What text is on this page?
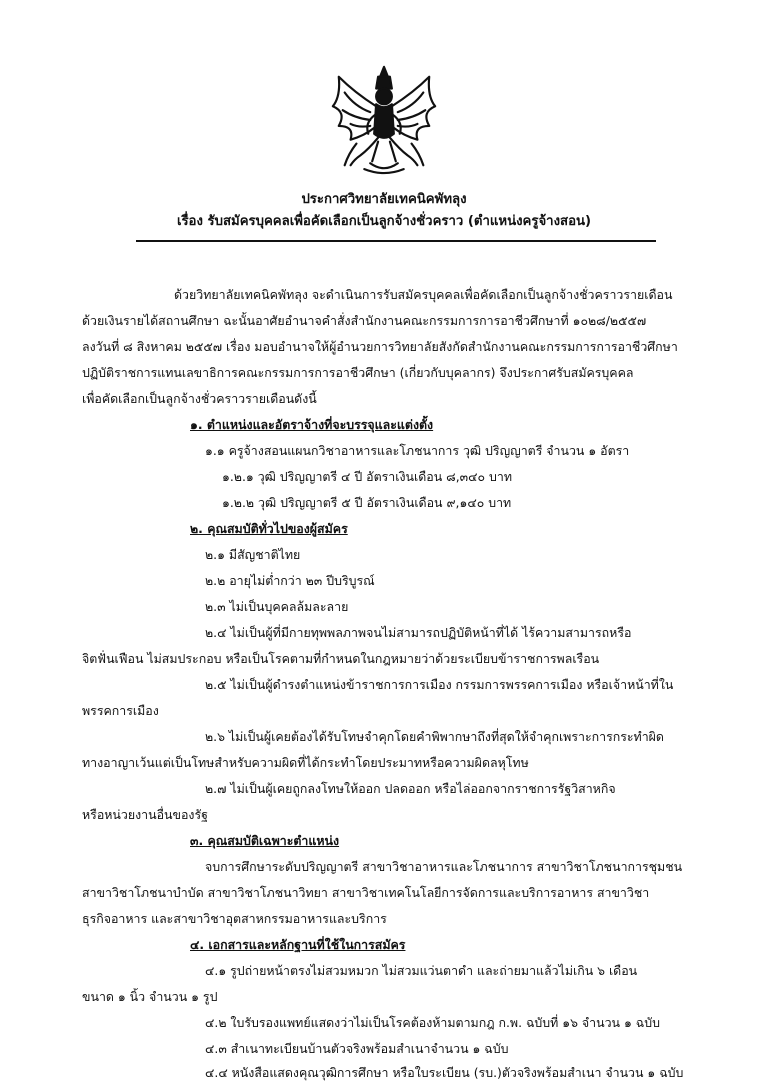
ประกาศวิทยาลัยเทคนิคพัทลุง
เรื่อง รับสมัครบุคคลเพื่อคัดเลือกเป็นลูกจ้างชั่วคราว (ตำแหน่งครูจ้างสอน)
ด้วยวิทยาลัยเทคนิคพัทลุง จะดำเนินการรับสมัครบุคคลเพื่อคัดเลือกเป็นลูกจ้างชั่วคราวรายเดือน
ด้วยเงินรายได้สถานศึกษา ฉะนั้นอาศัยอำนาจคำสั่งสำนักงานคณะกรรมการการอาชีวศึกษาที่ ๑๐๒๘/๒๕๕๗
ลงวันที่ ๘ สิงหาคม ๒๕๕๗ เรื่อง มอบอำนาจให้ผู้อำนวยการวิทยาลัยสังกัดสำนักงานคณะกรรมการการอาชีวศึกษา
ปฏิบัติราชการแทนเลขาธิการคณะกรรมการการอาชีวศึกษา (เกี่ยวกับบุคลากร) จึงประกาศรับสมัครบุคคล
เพื่อคัดเลือกเป็นลูกจ้างชั่วคราวรายเดือนดังนี้
๑. ตำแหน่งและอัตราจ้างที่จะบรรจุและแต่งตั้ง
๑.๑ ครูจ้างสอนแผนกวิชาอาหารและโภชนาการ วุฒิ ปริญญาตรี จำนวน ๑ อัตรา
๑.๒.๑ วุฒิ ปริญญาตรี ๔ ปี อัตราเงินเดือน ๘,๓๔๐ บาท
๑.๒.๒ วุฒิ ปริญญาตรี ๕ ปี อัตราเงินเดือน ๙,๑๔๐ บาท
๒. คุณสมบัติทั่วไปของผู้สมัคร
๒.๑ มีสัญชาติไทย
๒.๒ อายุไม่ต่ำกว่า ๒๓ ปีบริบูรณ์
๒.๓ ไม่เป็นบุคคลล้มละลาย
๒.๔ ไม่เป็นผู้ที่มีกายทุพพลภาพจนไม่สามารถปฏิบัติหน้าที่ได้ ไร้ความสามารถหรือ
จิตฟั่นเฟือน ไม่สมประกอบ หรือเป็นโรคตามที่กำหนดในกฎหมายว่าด้วยระเบียบข้าราชการพลเรือน
๒.๕ ไม่เป็นผู้ดำรงตำแหน่งข้าราชการการเมือง กรรมการพรรคการเมือง หรือเจ้าหน้าที่ใน
พรรคการเมือง
๒.๖ ไม่เป็นผู้เคยต้องได้รับโทษจำคุกโดยคำพิพากษาถึงที่สุดให้จำคุกเพราะการกระทำผิด
ทางอาญาเว้นแต่เป็นโทษสำหรับความผิดที่ได้กระทำโดยประมาทหรือความผิดลหุโทษ
๒.๗ ไม่เป็นผู้เคยถูกลงโทษให้ออก ปลดออก หรือไล่ออกจากราชการรัฐวิสาหกิจ
หรือหน่วยงานอื่นของรัฐ
๓. คุณสมบัติเฉพาะตำแหน่ง
จบการศึกษาระดับปริญญาตรี สาขาวิชาอาหารและโภชนาการ สาขาวิชาโภชนาการชุมชน
สาขาวิชาโภชนาบำบัด สาขาวิชาโภชนาวิทยา สาขาวิชาเทคโนโลยีการจัดการและบริการอาหาร สาขาวิชา
ธุรกิจอาหาร และสาขาวิชาอุตสาหกรรมอาหารและบริการ
๔. เอกสารและหลักฐานที่ใช้ในการสมัคร
๔.๑ รูปถ่ายหน้าตรงไม่สวมหมวก ไม่สวมแว่นตาดำ และถ่ายมาแล้วไม่เกิน ๖ เดือน
ขนาด ๑ นิ้ว จำนวน ๑ รูป
๔.๒ ใบรับรองแพทย์แสดงว่าไม่เป็นโรคต้องห้ามตามกฎ ก.พ. ฉบับที่ ๑๖ จำนวน ๑ ฉบับ
๔.๓ สำเนาทะเบียนบ้านตัวจริงพร้อมสำเนาจำนวน ๑ ฉบับ
๔.๔ หนังสือแสดงคุณวุฒิการศึกษา หรือใบระเบียน (รบ.)ตัวจริงพร้อมสำเนา จำนวน ๑ ฉบับ
